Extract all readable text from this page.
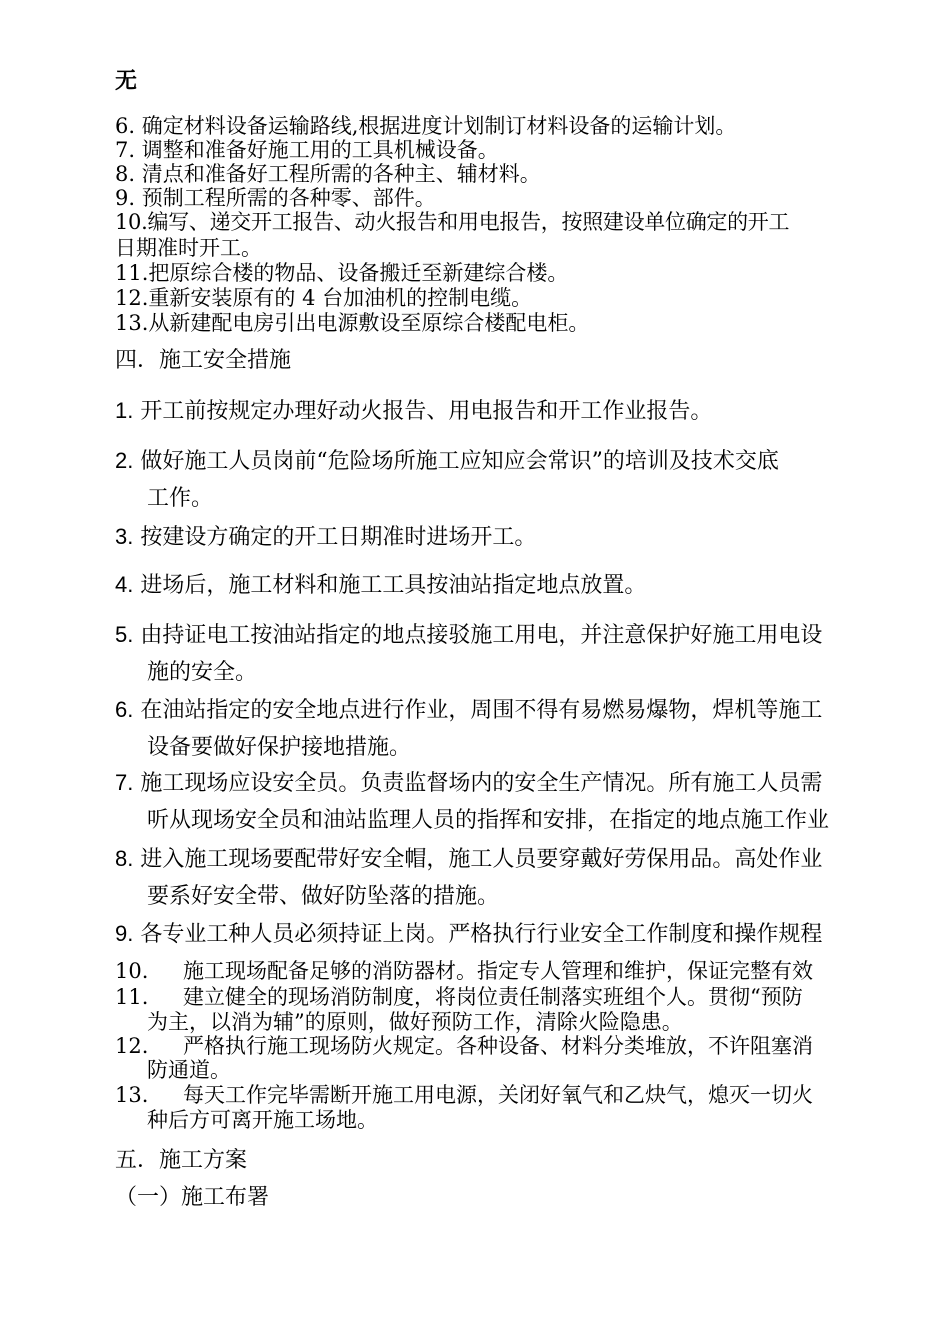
无
6. 确定材料设备运输路线,根据进度计划制订材料设备的运输计划。
7. 调整和准备好施工用的工具机械设备。
8. 清点和准备好工程所需的各种主、辅材料。
9. 预制工程所需的各种零、部件。
10.编写、递交开工报告、动火报告和用电报告，按照建设单位确定的开工
日期准时开工。
11.把原综合楼的物品、设备搬迁至新建综合楼。
12.重新安装原有的 4 台加油机的控制电缆。
13.从新建配电房引出电源敷设至原综合楼配电柜。
四．施工安全措施
1. 开工前按规定办理好动火报告、用电报告和开工作业报告。
2. 做好施工人员岗前“危险场所施工应知应会常识”的培训及技术交底
工作。
3. 按建设方确定的开工日期准时进场开工。
4. 进场后，施工材料和施工工具按油站指定地点放置。
5. 由持证电工按油站指定的地点接驳施工用电，并注意保护好施工用电设
施的安全。
6. 在油站指定的安全地点进行作业，周围不得有易燃易爆物，焊机等施工
设备要做好保护接地措施。
7. 施工现场应设安全员。负责监督场内的安全生产情况。所有施工人员需
听从现场安全员和油站监理人员的指挥和安排，在指定的地点施工作业
8. 进入施工现场要配带好安全帽，施工人员要穿戴好劳保用品。高处作业
要系好安全带、做好防坠落的措施。
9. 各专业工种人员必须持证上岗。严格执行行业安全工作制度和操作规程
10. 施工现场配备足够的消防器材。指定专人管理和维护，保证完整有效
11. 建立健全的现场消防制度，将岗位责任制落实班组个人。贯彻“预防
为主，以消为辅”的原则，做好预防工作，清除火险隐患。
12. 严格执行施工现场防火规定。各种设备、材料分类堆放，不许阻塞消
防通道。
13. 每天工作完毕需断开施工用电源，关闭好氧气和乙炔气，熄灭一切火
种后方可离开施工场地。
五．施工方案
（一）施工布署
